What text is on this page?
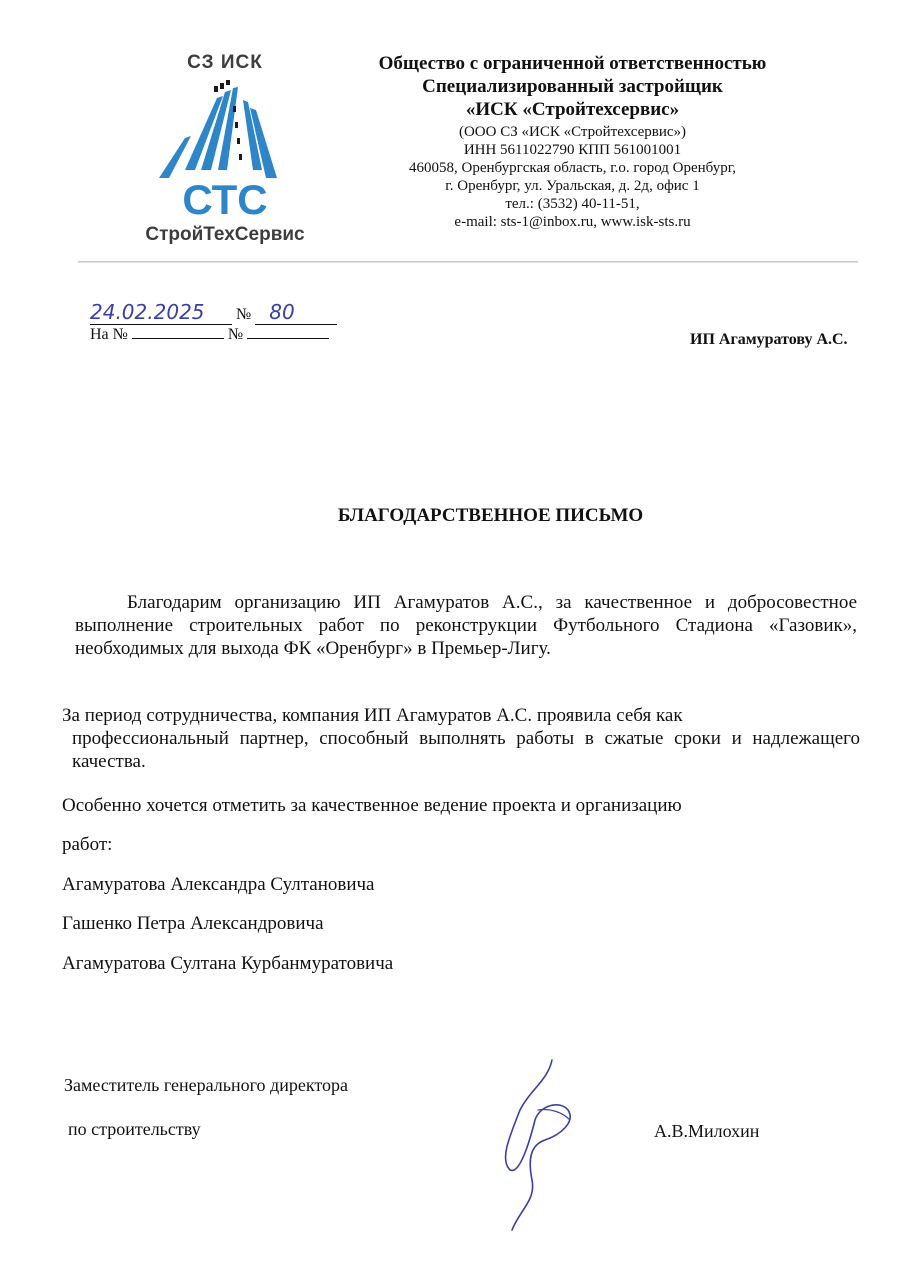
СЗ ИСК
СТС
СтройТехСервис
Общество с ограниченной ответственностью
Специализированный застройщик
«ИСК «Стройтехсервис»
(ООО СЗ «ИСК «Стройтехсервис»)
ИНН 5611022790 КПП 561001001
460058, Оренбургская область, г.о. город Оренбург,
г. Оренбург, ул. Уральская, д. 2д, офис 1
тел.: (3532) 40-11-51,
e-mail: sts-1@inbox.ru, www.isk-sts.ru
24.02.2025 № 80
На №	№	ИП Агамуратову А.С.
БЛАГОДАРСТВЕННОЕ ПИСЬМО
Благодарим организацию ИП Агамуратов А.С., за качественное и добросовестное выполнение строительных работ по реконструкции Футбольного Стадиона «Газовик», необходимых для выхода ФК «Оренбург» в Премьер-Лигу.
За период сотрудничества, компания ИП Агамуратов А.С. проявила себя как
профессиональный партнер, способный выполнять работы в сжатые сроки и надлежащего качества.
Особенно хочется отметить за качественное ведение проекта и организацию
работ:
Агамуратова Александра Султановича
Гашенко Петра Александровича
Агамуратова Султана Курбанмуратовича
Заместитель генерального директора
по строительству	А.В.Милохин
